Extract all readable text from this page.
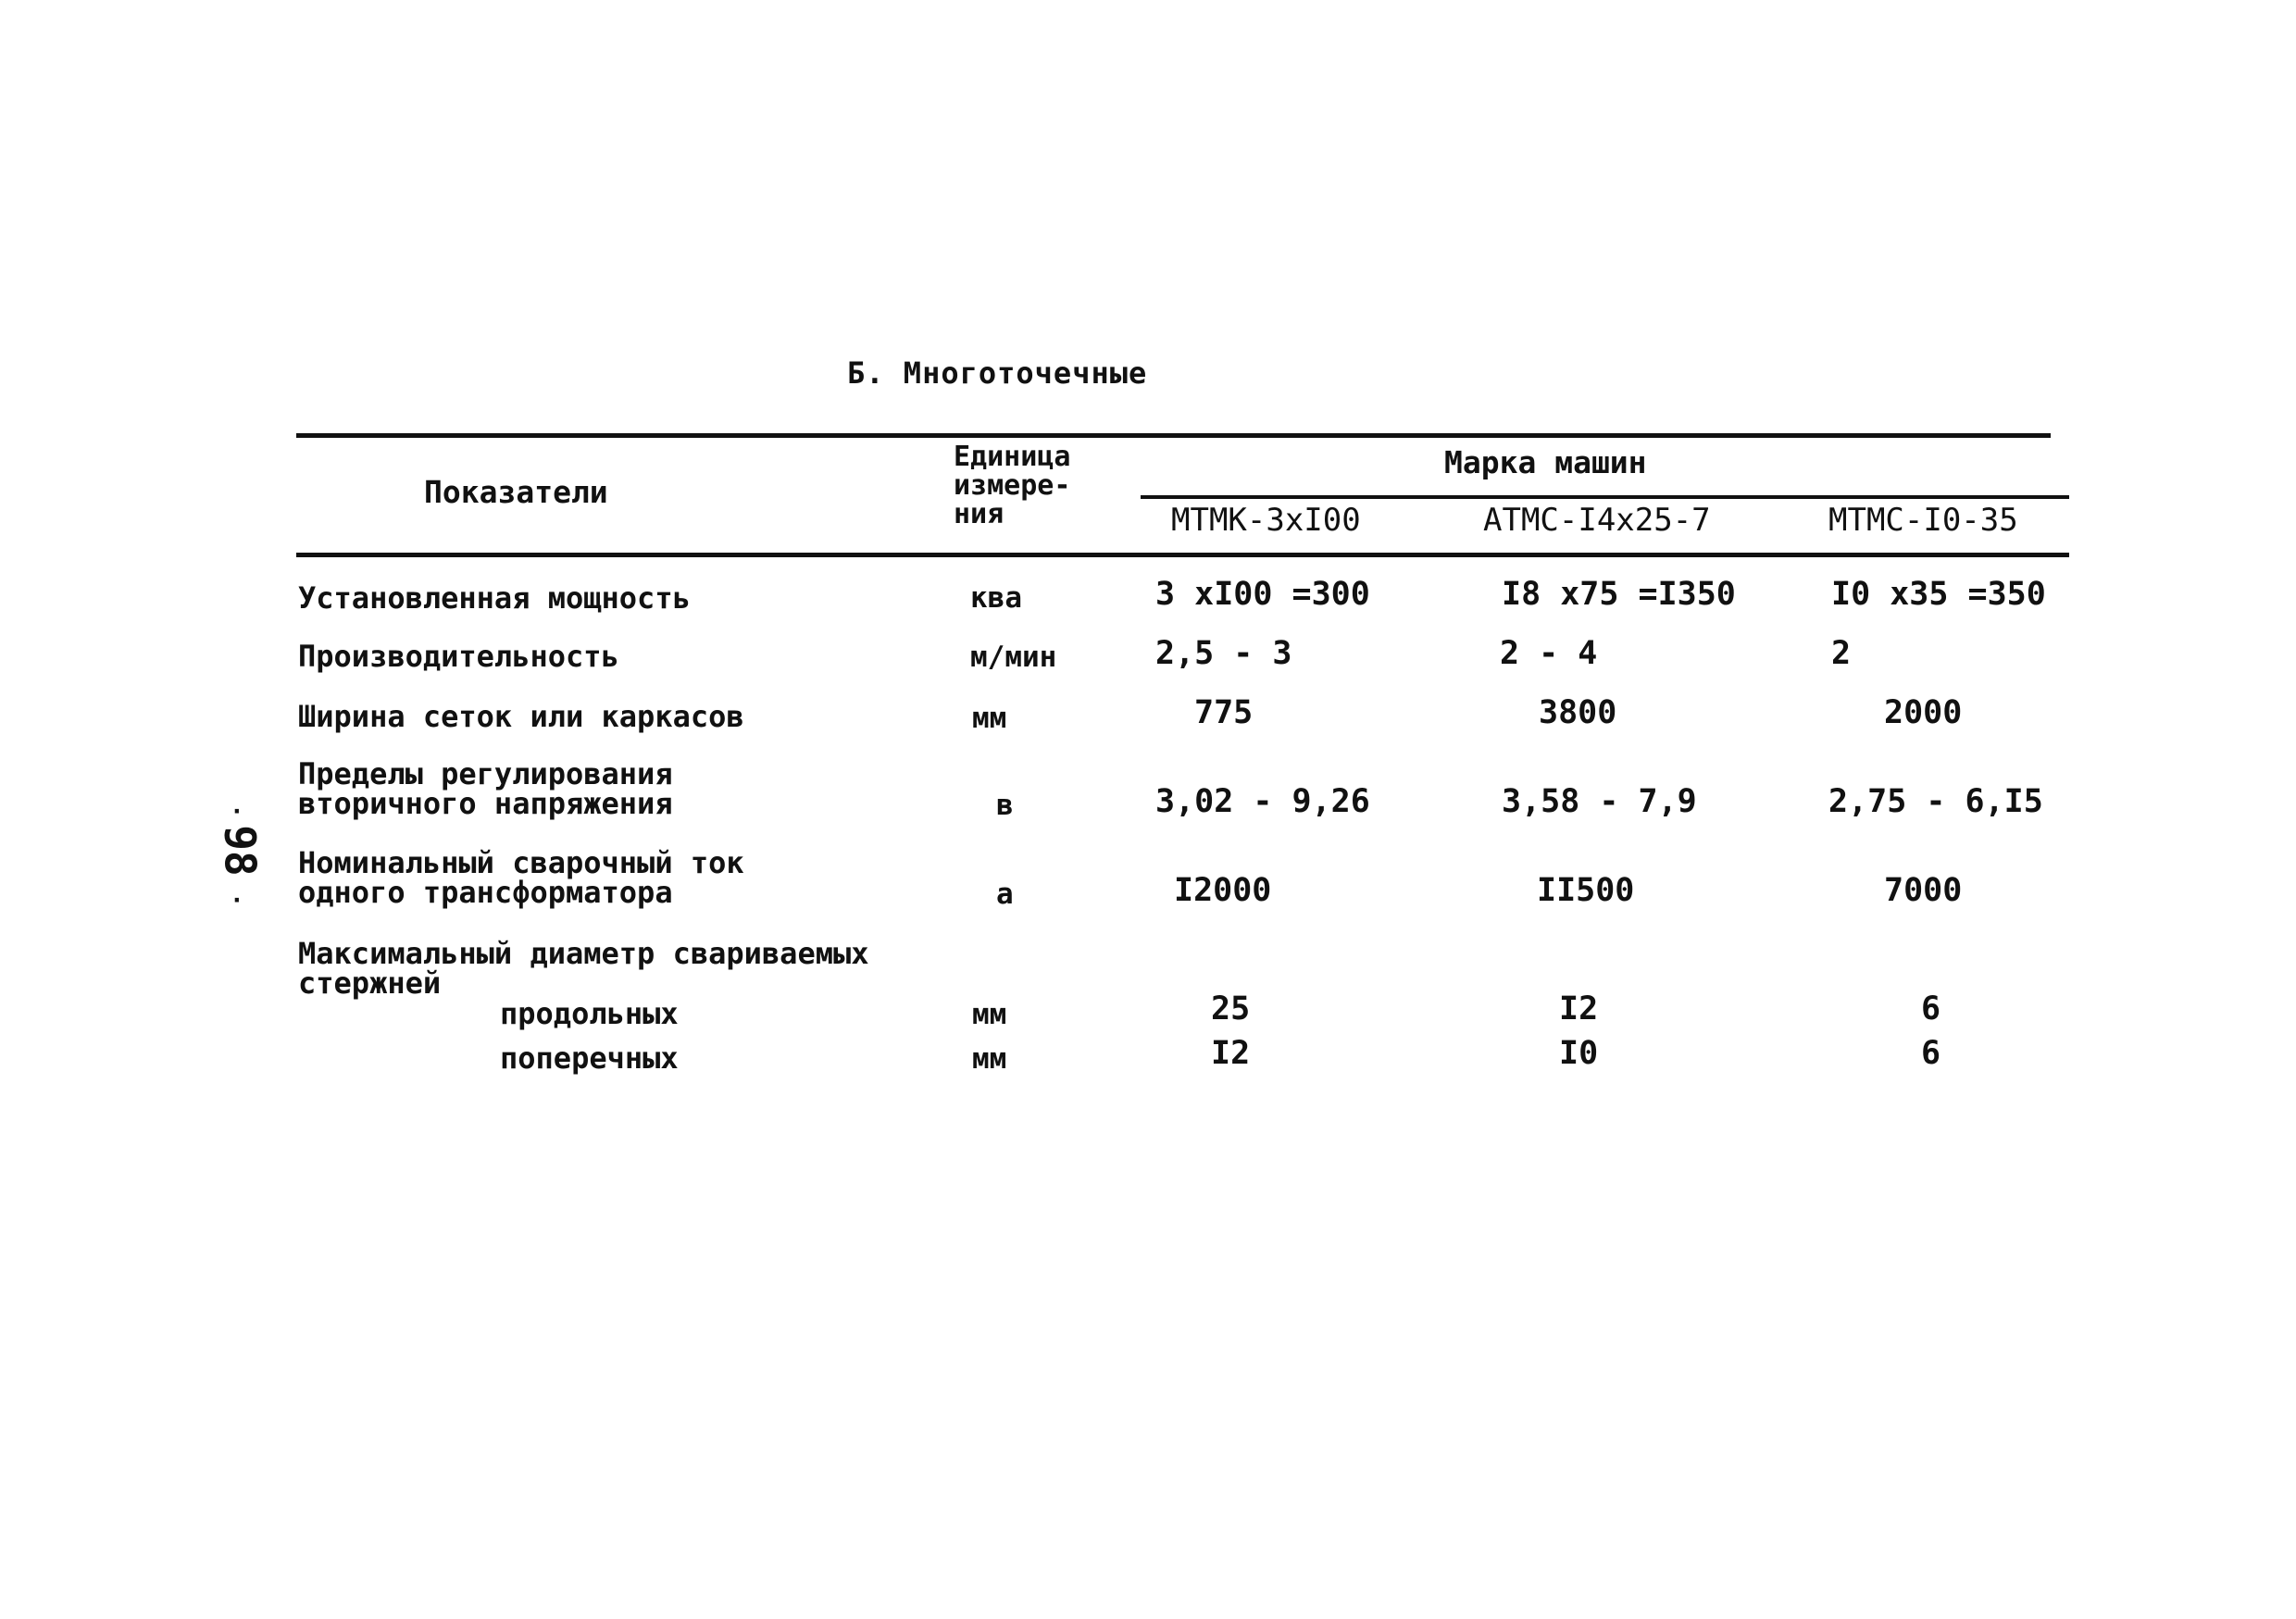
·
98
·
Б. Многоточечные
Показатели
Единица
измере-
ния
Марка машин
МТМК-3хI00	АТМС-I4х25-7	МТМС-I0-35
Установленная мощность	ква	3 хI00 =300	I8 х75 =I350	I0 х35 =350
Производительность	м/мин	2,5 - 3	2 - 4	2
Ширина сеток или каркасов	мм	775	3800	2000
Пределы регулирования
вторичного напряжения	в	3,02 - 9,26	3,58 - 7,9	2,75 - 6,I5
Номинальный сварочный ток
одного трансформатора	а	I2000	II500	7000
Максимальный диаметр свариваемых
стержней
продольных	мм	25	I2	6
поперечных	мм	I2	I0	6
